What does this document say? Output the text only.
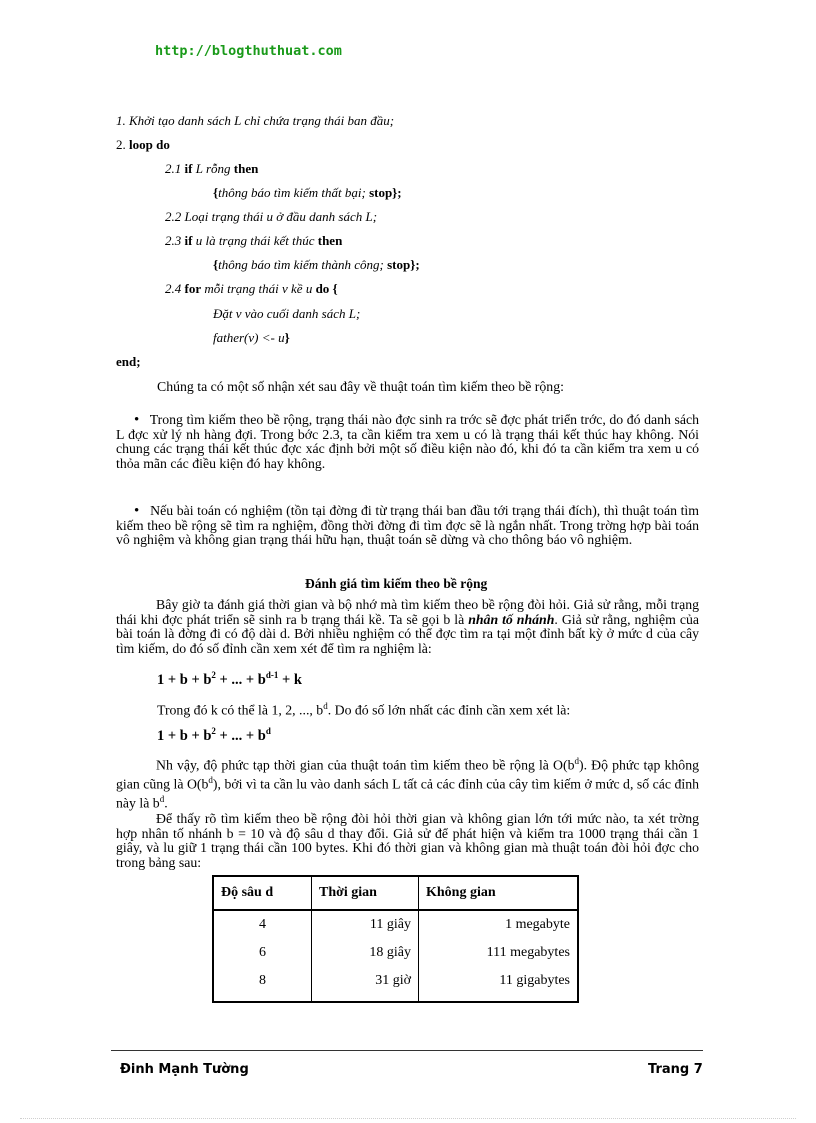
http://blogthuthuat.com
1. Khởi tạo danh sách L chỉ chứa trạng thái ban đầu;
2. loop do
2.1 if L rỗng then
{thông báo tìm kiếm thất bại; stop};
2.2 Loại trạng thái u ở đầu danh sách L;
2.3 if u là trạng thái kết thúc then
{thông báo tìm kiếm thành công; stop};
2.4 for mỗi trạng thái v kề u do {
Đặt v vào cuối danh sách L;
father(v) <- u}
end;
Chúng ta có một số nhận xét sau đây về thuật toán tìm kiếm theo bề rộng:
• Trong tìm kiếm theo bề rộng, trạng thái nào đợc sinh ra trớc sẽ đợc phát triển trớc, do đó danh sách L đợc xử lý nh hàng đợi. Trong bớc 2.3, ta cần kiểm tra xem u có là trạng thái kết thúc hay không. Nói chung các trạng thái kết thúc đợc xác định bởi một số điều kiện nào đó, khi đó ta cần kiểm tra xem u có thỏa mãn các điều kiện đó hay không.
• Nếu bài toán có nghiệm (tồn tại đờng đi từ trạng thái ban đầu tới trạng thái đích), thì thuật toán tìm kiếm theo bề rộng sẽ tìm ra nghiệm, đồng thời đờng đi tìm đợc sẽ là ngắn nhất. Trong trờng hợp bài toán vô nghiệm và không gian trạng thái hữu hạn, thuật toán sẽ dừng và cho thông báo vô nghiệm.
Đánh giá tìm kiếm theo bề rộng
Bây giờ ta đánh giá thời gian và bộ nhớ mà tìm kiếm theo bề rộng đòi hỏi. Giả sử rằng, mỗi trạng thái khi đợc phát triển sẽ sinh ra b trạng thái kề. Ta sẽ gọi b là nhân tố nhánh. Giả sử rằng, nghiệm của bài toán là đờng đi có độ dài d. Bởi nhiều nghiệm có thể đợc tìm ra tại một đỉnh bất kỳ ở mức d của cây tìm kiếm, do đó số đỉnh cần xem xét để tìm ra nghiệm là:
$1 + b + b^2$ + ... + $b^{d-1} + k$
Trong đó k có thể là 1, 2, ..., $b^d$. Do đó số lớn nhất các đỉnh cần xem xét là:
$1 + b + b^2$ + ... + $b^d$
Nh vậy, độ phức tạp thời gian của thuật toán tìm kiếm theo bề rộng là $O(b^d)$. Độ phức tạp không gian cũng là $O(b^d)$, bởi vì ta cần lu vào danh sách L tất cả các đỉnh của cây tìm kiếm ở mức d, số các đỉnh này là $b^d$.
Để thấy rõ tìm kiếm theo bề rộng đòi hỏi thời gian và không gian lớn tới mức nào, ta xét trờng hợp nhân tố nhánh b = 10 và độ sâu d thay đổi. Giả sử để phát hiện và kiểm tra 1000 trạng thái cần 1 giây, và lu giữ 1 trạng thái cần 100 bytes. Khi đó thời gian và không gian mà thuật toán đòi hỏi đợc cho trong bảng sau:
Độ sâu d	Thời gian	Không gian
4	11 giây	1 megabyte
6	18 giây	111 megabytes
8	31 giờ	11 gigabytes
Đinh Mạnh Tường	Trang 7
